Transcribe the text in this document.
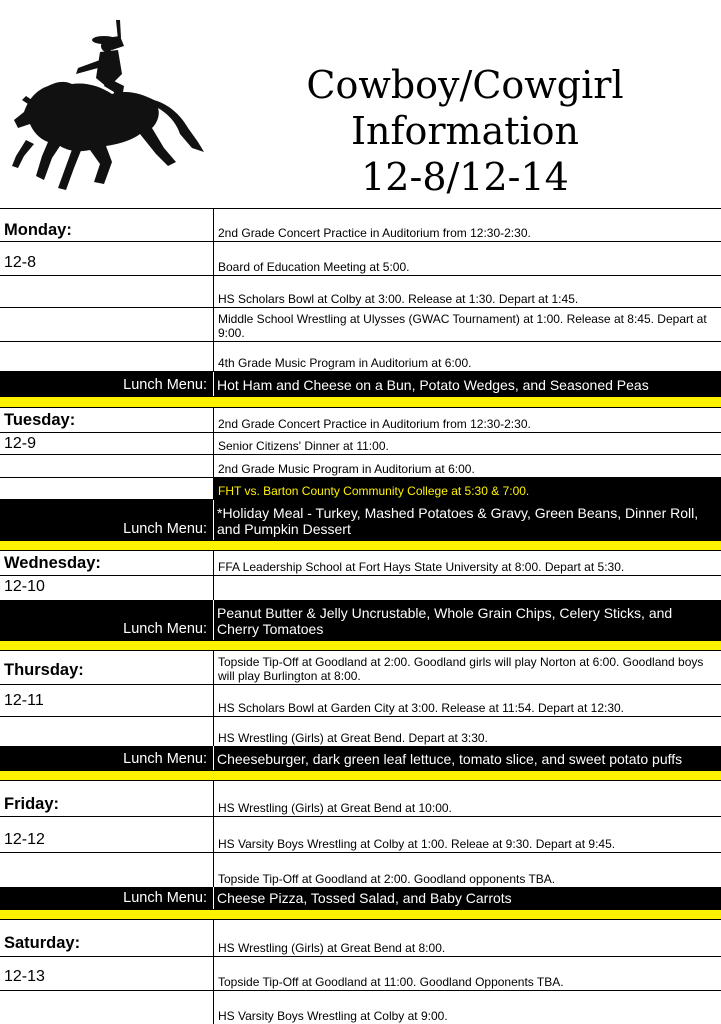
Cowboy/Cowgirl
Information
12-8/12-14
Monday:	2nd Grade Concert Practice in Auditorium from 12:30-2:30.
12-8	Board of Education Meeting at 5:00.
HS Scholars Bowl at Colby at 3:00. Release at 1:30. Depart at 1:45.
Middle School Wrestling at Ulysses (GWAC Tournament) at 1:00. Release at 8:45. Depart at 9:00.
4th Grade Music Program in Auditorium at 6:00.
Lunch Menu: Hot Ham and Cheese on a Bun, Potato Wedges, and Seasoned Peas
Tuesday:	2nd Grade Concert Practice in Auditorium from 12:30-2:30.
12-9	Senior Citizens' Dinner at 11:00.
2nd Grade Music Program in Auditorium at 6:00.
FHT vs. Barton County Community College at 5:30 & 7:00.
Lunch Menu:
*Holiday Meal - Turkey, Mashed Potatoes & Gravy, Green Beans, Dinner Roll, and Pumpkin Dessert
Wednesday:	FFA Leadership School at Fort Hays State University at 8:00. Depart at 5:30.
12-10
Lunch Menu:
Peanut Butter & Jelly Uncrustable, Whole Grain Chips, Celery Sticks, and Cherry Tomatoes
Thursday:	Topside Tip-Off at Goodland at 2:00. Goodland girls will play Norton at 6:00. Goodland boys will play Burlington at 8:00.
12-11	HS Scholars Bowl at Garden City at 3:00. Release at 11:54. Depart at 12:30.
HS Wrestling (Girls) at Great Bend. Depart at 3:30.
Lunch Menu: Cheeseburger, dark green leaf lettuce, tomato slice, and sweet potato puffs
Friday:	HS Wrestling (Girls) at Great Bend at 10:00.
12-12	HS Varsity Boys Wrestling at Colby at 1:00. Releae at 9:30. Depart at 9:45.
Topside Tip-Off at Goodland at 2:00. Goodland opponents TBA.
Lunch Menu: Cheese Pizza, Tossed Salad, and Baby Carrots
Saturday:	HS Wrestling (Girls) at Great Bend at 8:00.
12-13	Topside Tip-Off at Goodland at 11:00. Goodland Opponents TBA.
HS Varsity Boys Wrestling at Colby at 9:00.
